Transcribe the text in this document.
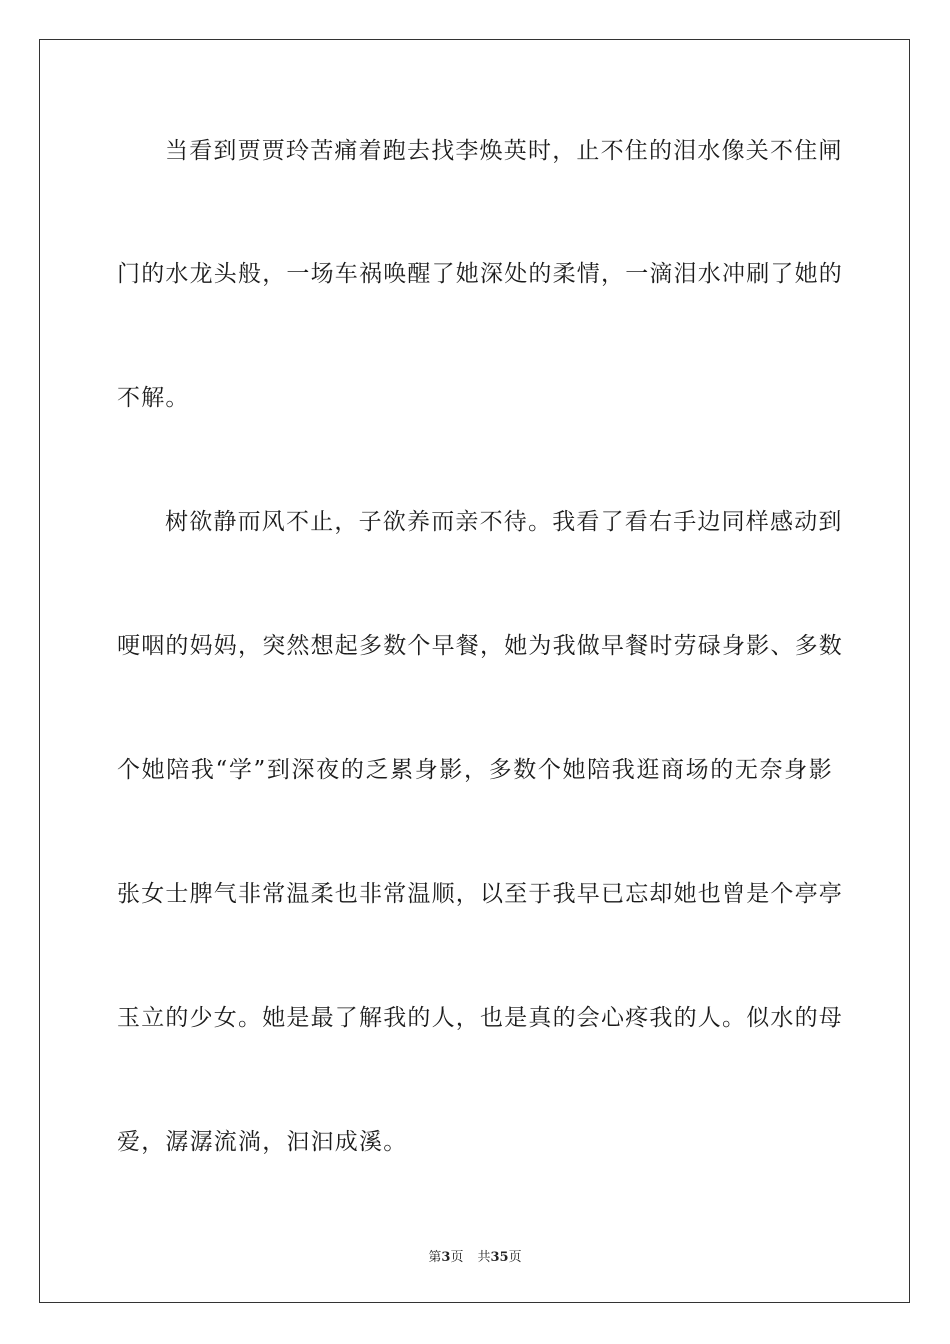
当看到贾贾玲苦痛着跑去找李焕英时，止不住的泪水像关不住闸
门的水龙头般，一场车祸唤醒了她深处的柔情，一滴泪水冲刷了她的
不解。
树欲静而风不止，子欲养而亲不待。我看了看右手边同样感动到
哽咽的妈妈，突然想起多数个早餐，她为我做早餐时劳碌身影、多数
个她陪我“学”到深夜的乏累身影，多数个她陪我逛商场的无奈身影
张女士脾气非常温柔也非常温顺，以至于我早已忘却她也曾是个亭亭
玉立的少女。她是最了解我的人，也是真的会心疼我的人。似水的母
爱，潺潺流淌，汩汩成溪。
第3页 共35页
